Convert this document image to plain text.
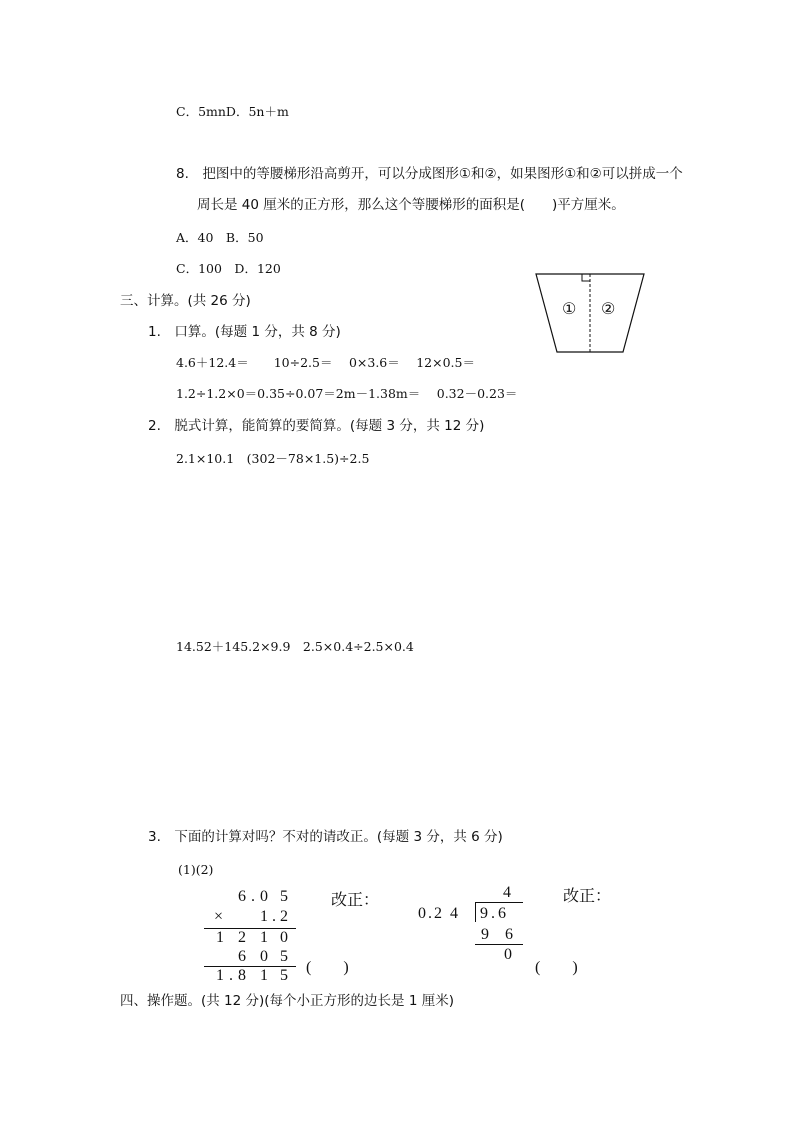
C．5mnD．5n＋m
8.　把图中的等腰梯形沿高剪开，可以分成图形①和②，如果图形①和②可以拼成一个
周长是 40 厘米的正方形，那么这个等腰梯形的面积是(　　)平方厘米。
A．40　B．50
C．100　D．120
① ②
三、计算。(共 26 分)
1.　口算。(每题 1 分，共 8 分)
4.6＋12.4＝　　10÷2.5＝　 0×3.6＝　 12×0.5＝
1.2÷1.2×0＝0.35÷0.07＝2m－1.38m＝　 0.32－0.23＝
2.　脱式计算，能简算的要简算。(每题 3 分，共 12 分)
2.1×10.1　(302－78×1.5)÷2.5
14.52＋145.2×9.9　2.5×0.4÷2.5×0.4
3.　下面的计算对吗？不对的请改正。(每题 3 分，共 6 分)
(1)(2)
6 . 0 5
× 1 . 2
1 2 1 0
6 0 5
1 . 8 1 5 (　　)
改正：	4
0.2 4 9.6
9 6
0
(　　)
改正：
四、操作题。(共 12 分)(每个小正方形的边长是 1 厘米)
